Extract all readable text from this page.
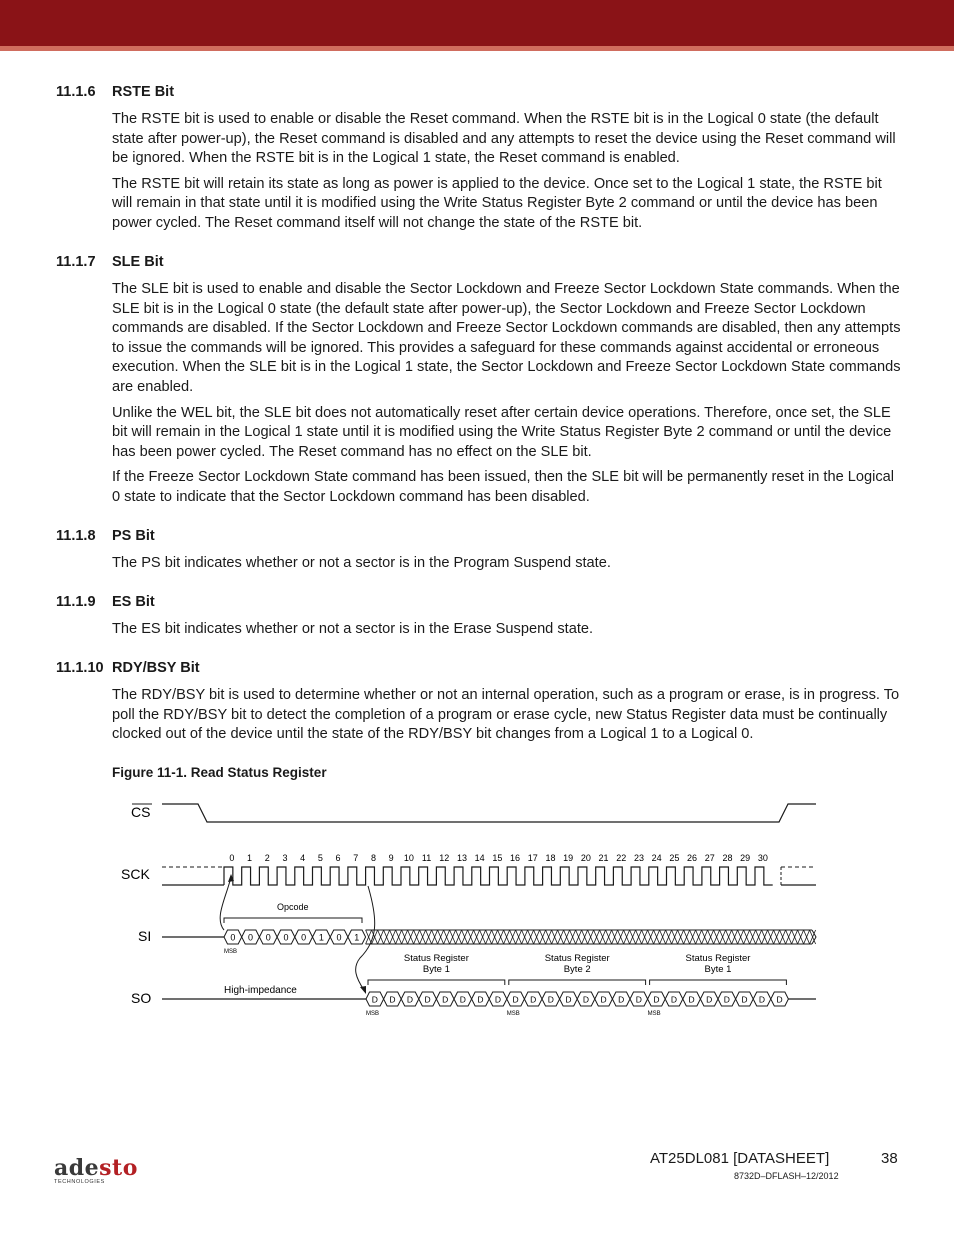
11.1.6 RSTE Bit

The RSTE bit is used to enable or disable the Reset command. When the RSTE bit is in the Logical 0 state (the default state after power-up), the Reset command is disabled and any attempts to reset the device using the Reset command will be ignored. When the RSTE bit is in the Logical 1 state, the Reset command is enabled.

The RSTE bit will retain its state as long as power is applied to the device. Once set to the Logical 1 state, the RSTE bit will remain in that state until it is modified using the Write Status Register Byte 2 command or until the device has been power cycled. The Reset command itself will not change the state of the RSTE bit.

11.1.7 SLE Bit

The SLE bit is used to enable and disable the Sector Lockdown and Freeze Sector Lockdown State commands. When the SLE bit is in the Logical 0 state (the default state after power-up), the Sector Lockdown and Freeze Sector Lockdown commands are disabled. If the Sector Lockdown and Freeze Sector Lockdown commands are disabled, then any attempts to issue the commands will be ignored. This provides a safeguard for these commands against accidental or erroneous execution. When the SLE bit is in the Logical 1 state, the Sector Lockdown and Freeze Sector Lockdown State commands are enabled.

Unlike the WEL bit, the SLE bit does not automatically reset after certain device operations. Therefore, once set, the SLE bit will remain in the Logical 1 state until it is modified using the Write Status Register Byte 2 command or until the device has been power cycled. The Reset command has no effect on the SLE bit.

If the Freeze Sector Lockdown State command has been issued, then the SLE bit will be permanently reset in the Logical 0 state to indicate that the Sector Lockdown command has been disabled.

11.1.8 PS Bit

The PS bit indicates whether or not a sector is in the Program Suspend state.

11.1.9 ES Bit

The ES bit indicates whether or not a sector is in the Erase Suspend state.

11.1.10 RDY/BSY Bit

The RDY/BSY bit is used to determine whether or not an internal operation, such as a program or erase, is in progress. To poll the RDY/BSY bit to detect the completion of a program or erase cycle, new Status Register data must be continually clocked out of the device until the state of the RDY/BSY bit changes from a Logical 1 to a Logical 0.

Figure 11-1. Read Status Register
CS
SCK
SI
SO
0 1 2 3 4 5 6 7 8 9 10 11 12 13 14 15 16 17 18 19 20 21 22 23 24 25 26 27 28 29 30
Opcode
MSB
0 0 0 0 0 1 0 1
High-impedance
D D D D D D D D D D D D D D D D D D D D D D D D
Status Register
Byte 1
MSB
Status Register
Byte 2
MSB
Status Register
Byte 1
MSB
adesto
TECHNOLOGIES
AT25DL081 [DATASHEET]	38
8732D–DFLASH–12/2012
